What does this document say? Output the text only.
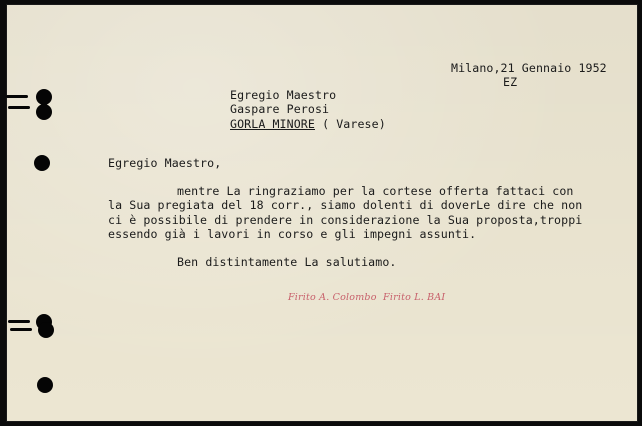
Milano,21 Gennaio 1952
EZ
Egregio Maestro
Gaspare Perosi
GORLA MINORE ( Varese)
Egregio Maestro,
mentre La ringraziamo per la cortese offerta fattaci con
la Sua pregiata del 18 corr., siamo dolenti di doverLe dire che non
ci è possibile di prendere in considerazione la Sua proposta,troppi
essendo già i lavori in corso e gli impegni assunti.
Ben distintamente La salutiamo.
Firito A. Colombo  Firito L. BAI
